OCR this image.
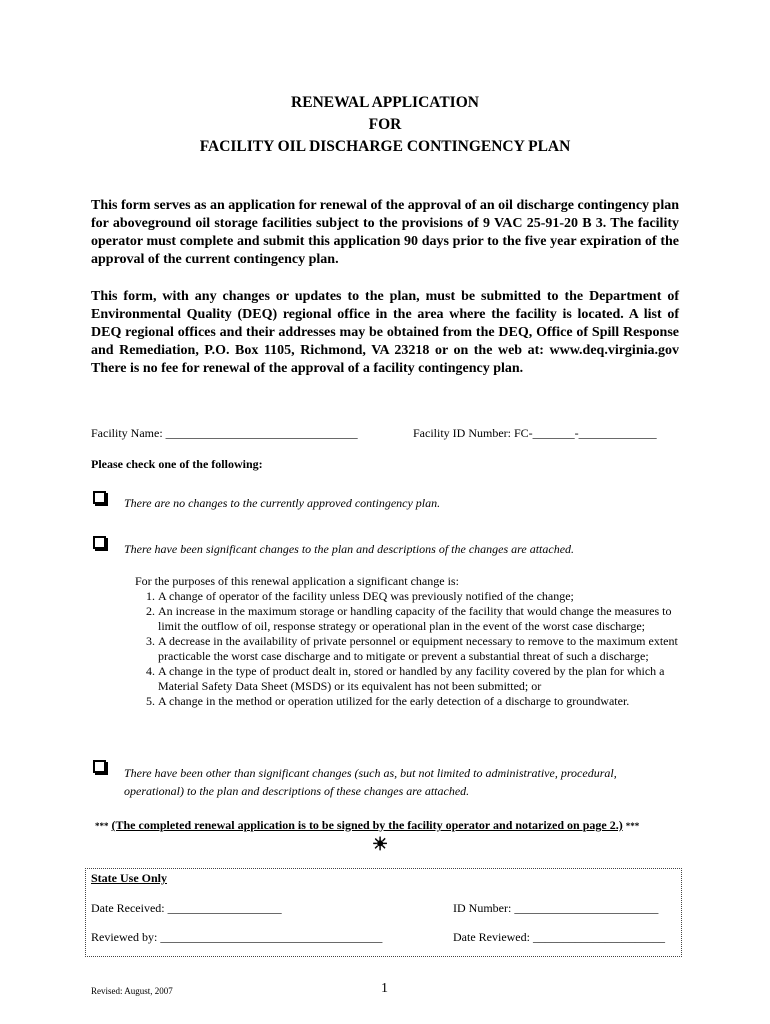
RENEWAL APPLICATION
FOR
FACILITY OIL DISCHARGE CONTINGENCY PLAN

This form serves as an application for renewal of the approval of an oil discharge contingency plan for aboveground oil storage facilities subject to the provisions of 9 VAC 25-91-20 B 3. The facility operator must complete and submit this application 90 days prior to the five year expiration of the approval of the current contingency plan.

This form, with any changes or updates to the plan, must be submitted to the Department of Environmental Quality (DEQ) regional office in the area where the facility is located. A list of DEQ regional offices and their addresses may be obtained from the DEQ, Office of Spill Response and Remediation, P.O. Box 1105, Richmond, VA 23218 or on the web at: www.deq.virginia.gov There is no fee for renewal of the approval of a facility contingency plan.

Facility Name: ________________________________	Facility ID Number: FC-_______-_____________
Please check one of the following:
There are no changes to the currently approved contingency plan.
There have been significant changes to the plan and descriptions of the changes are attached.
For the purposes of this renewal application a significant change is:
1. A change of operator of the facility unless DEQ was previously notified of the change;
2. An increase in the maximum storage or handling capacity of the facility that would change the measures to limit the outflow of oil, response strategy or operational plan in the event of the worst case discharge;
3. A decrease in the availability of private personnel or equipment necessary to remove to the maximum extent practicable the worst case discharge and to mitigate or prevent a substantial threat of such a discharge;
4. A change in the type of product dealt in, stored or handled by any facility covered by the plan for which a Material Safety Data Sheet (MSDS) or its equivalent has not been submitted; or
5. A change in the method or operation utilized for the early detection of a discharge to groundwater.
There have been other than significant changes (such as, but not limited to administrative, procedural,
operational) to the plan and descriptions of these changes are attached.
*** (The completed renewal application is to be signed by the facility operator and notarized on page 2.) ***
☀
State Use Only
Date Received: ___________________	ID Number: ________________________
Reviewed by: _____________________________________	Date Reviewed: ______________________
Revised: August, 2007	1
